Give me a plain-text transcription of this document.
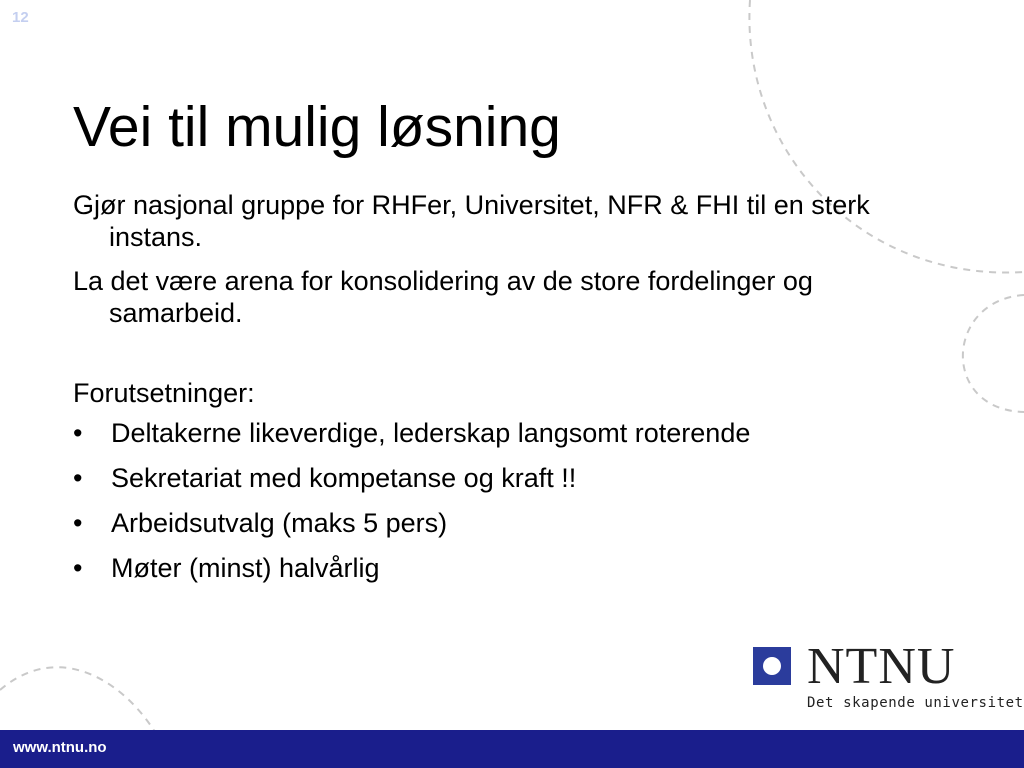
12
Vei til mulig løsning

Gjør nasjonal gruppe for RHFer, Universitet, NFR & FHI til en sterk instans.

La det være arena for konsolidering av de store fordelinger og samarbeid.

Forutsetninger:
•	Deltakerne likeverdige, lederskap langsomt roterende
•	Sekretariat med kompetanse og kraft !!
•	Arbeidsutvalg (maks 5 pers)
•	Møter (minst) halvårlig
NTNU
Det skapende universitet
www.ntnu.no
